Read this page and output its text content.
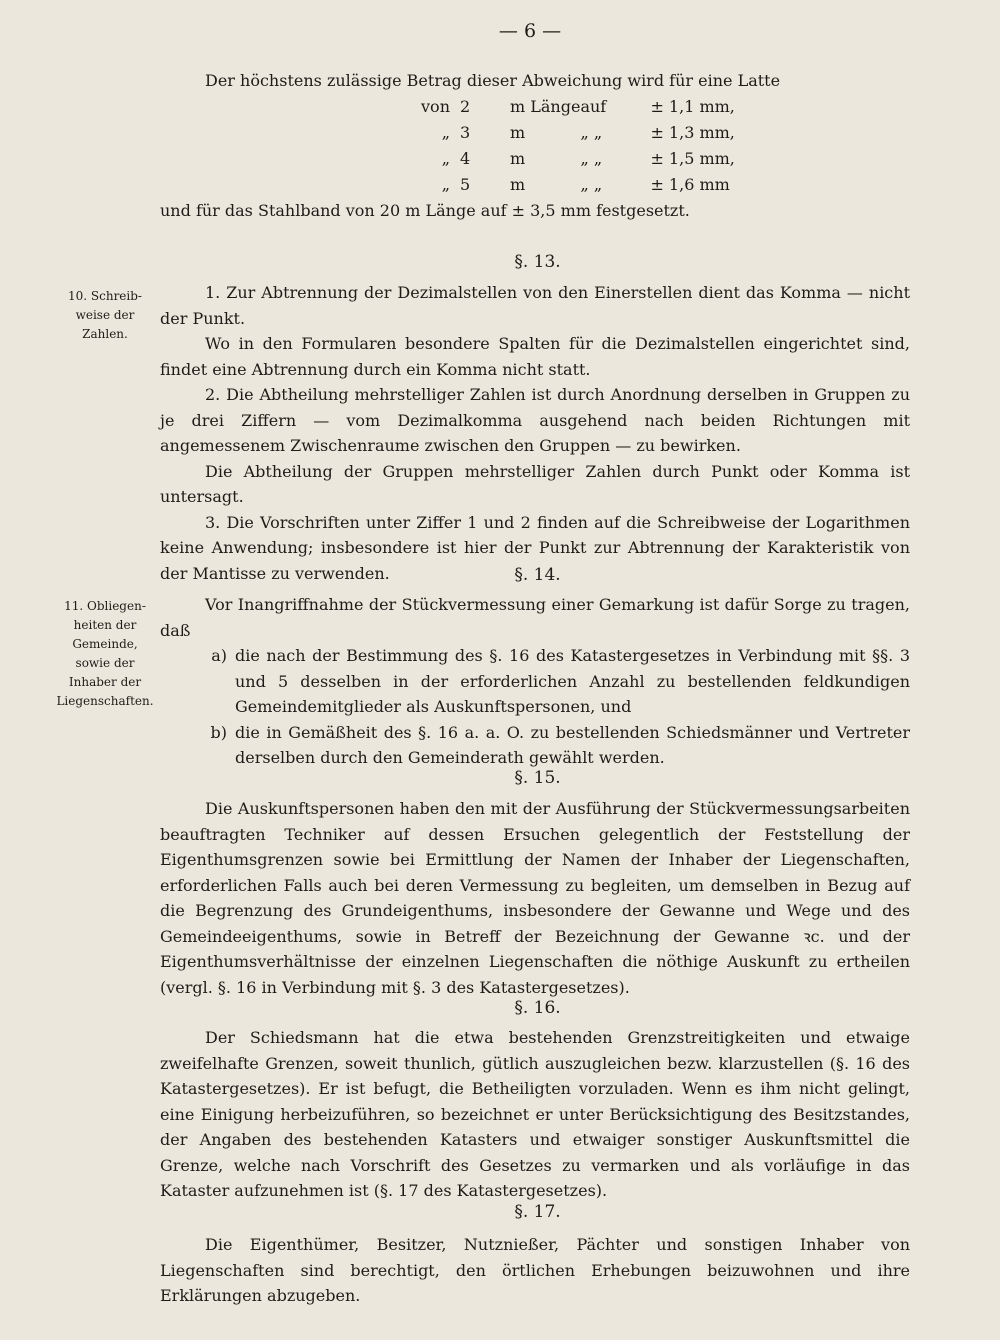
— 6 —
Der höchstens zulässige Betrag dieser Abweichung wird für eine Latte
von	2	m Länge	auf	± 1,1 mm,
„	3	m	„ „	± 1,3 mm,
„	4	m	„ „	± 1,5 mm,
„	5	m	„ „	± 1,6 mm
und für das Stahlband von 20 m Länge auf ± 3,5 mm festgesetzt.
§. 13.
10. Schreib-weise der Zahlen.

1. Zur Abtrennung der Dezimalstellen von den Einerstellen dient das Komma — nicht der Punkt.

Wo in den Formularen besondere Spalten für die Dezimalstellen eingerichtet sind, findet eine Abtrennung durch ein Komma nicht statt.

2. Die Abtheilung mehrstelliger Zahlen ist durch Anordnung derselben in Gruppen zu je drei Ziffern — vom Dezimalkomma ausgehend nach beiden Richtungen mit angemessenem Zwischenraume zwischen den Gruppen — zu bewirken.

Die Abtheilung der Gruppen mehrstelliger Zahlen durch Punkt oder Komma ist untersagt.

3. Die Vorschriften unter Ziffer 1 und 2 finden auf die Schreibweise der Logarithmen keine Anwendung; insbesondere ist hier der Punkt zur Abtrennung der Karakteristik von der Mantisse zu verwenden.	§. 14.
11. Obliegen-heiten der Gemeinde, sowie der Inhaber der Liegenschaften.

Vor Inangriffnahme der Stückvermessung einer Gemarkung ist dafür Sorge zu tragen, daß

a) die nach der Bestimmung des §. 16 des Katastergesetzes in Verbindung mit §§. 3 und 5 desselben in der erforderlichen Anzahl zu bestellenden feldkundigen Gemeindemitglieder als Auskunftspersonen, und
b) die in Gemäßheit des §. 16 a. a. O. zu bestellenden Schiedsmänner und Vertreter derselben durch den Gemeinderath gewählt werden.
§. 15.

Die Auskunftspersonen haben den mit der Ausführung der Stückvermessungsarbeiten beauftragten Techniker auf dessen Ersuchen gelegentlich der Feststellung der Eigenthumsgrenzen sowie bei Ermittlung der Namen der Inhaber der Liegenschaften, erforderlichen Falls auch bei deren Vermessung zu begleiten, um demselben in Bezug auf die Begrenzung des Grundeigenthums, insbesondere der Gewanne und Wege und des Gemeindeeigenthums, sowie in Betreff der Bezeichnung der Gewanne ꝛc. und der Eigenthumsverhältnisse der einzelnen Liegenschaften die nöthige Auskunft zu ertheilen (vergl. §. 16 in Verbindung mit §. 3 des Katastergesetzes).

§. 16.

Der Schiedsmann hat die etwa bestehenden Grenzstreitigkeiten und etwaige zweifelhafte Grenzen, soweit thunlich, gütlich auszugleichen bezw. klarzustellen (§. 16 des Katastergesetzes). Er ist befugt, die Betheiligten vorzuladen. Wenn es ihm nicht gelingt, eine Einigung herbeizuführen, so bezeichnet er unter Berücksichtigung des Besitzstandes, der Angaben des bestehenden Katasters und etwaiger sonstiger Auskunftsmittel die Grenze, welche nach Vorschrift des Gesetzes zu vermarken und als vorläufige in das Kataster aufzunehmen ist (§. 17 des Katastergesetzes).

§. 17.

Die Eigenthümer, Besitzer, Nutznießer, Pächter und sonstigen Inhaber von Liegenschaften sind berechtigt, den örtlichen Erhebungen beizuwohnen und ihre Erklärungen abzugeben.
